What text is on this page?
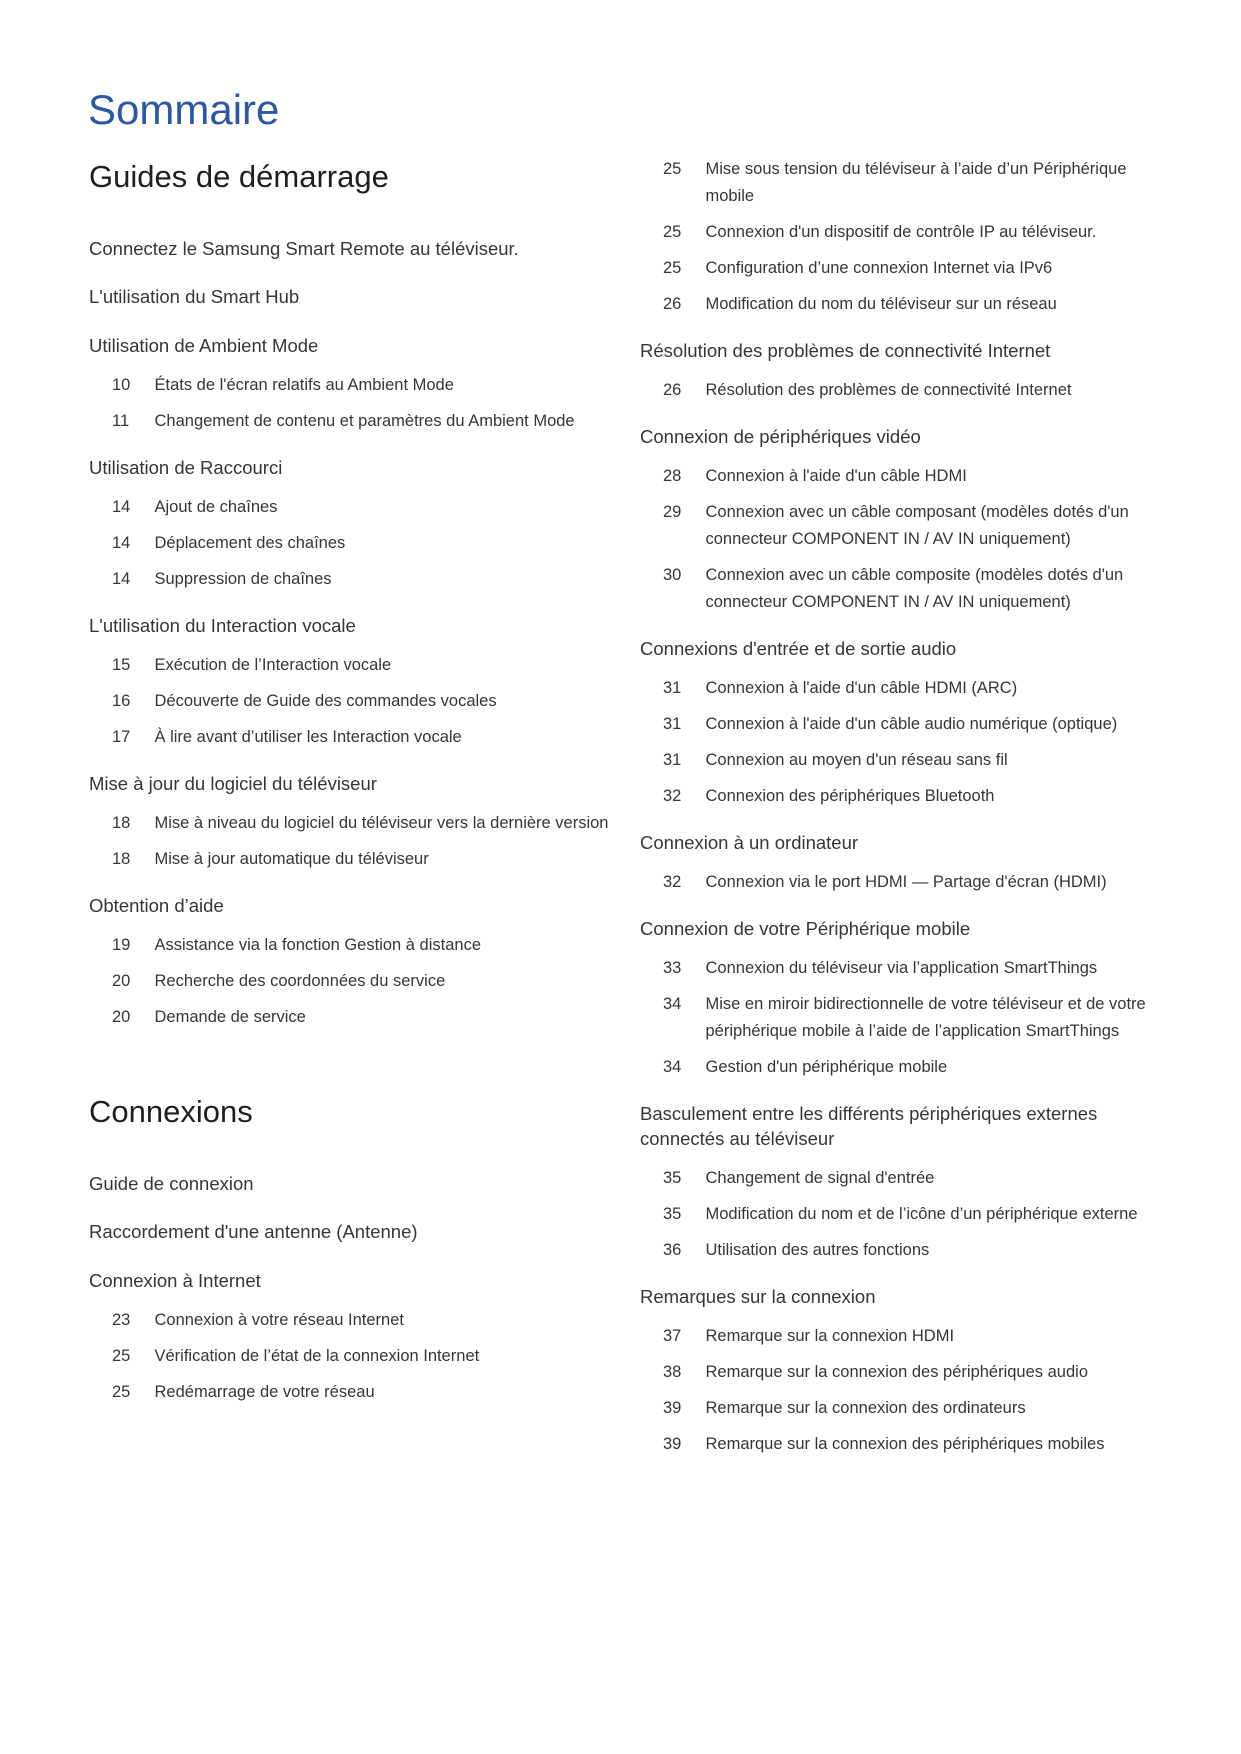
Sommaire
Guides de démarrage
Connectez le Samsung Smart Remote au téléviseur.
L'utilisation du Smart Hub
Utilisation de Ambient Mode
10 États de l'écran relatifs au Ambient Mode
11 Changement de contenu et paramètres du Ambient Mode
Utilisation de Raccourci
14 Ajout de chaînes
14 Déplacement des chaînes
14 Suppression de chaînes
L'utilisation du Interaction vocale
15 Exécution de l’Interaction vocale
16 Découverte de Guide des commandes vocales
17 À lire avant d’utiliser les Interaction vocale
Mise à jour du logiciel du téléviseur
18 Mise à niveau du logiciel du téléviseur vers la dernière version
18 Mise à jour automatique du téléviseur
Obtention d’aide
19 Assistance via la fonction Gestion à distance
20 Recherche des coordonnées du service
20 Demande de service
Connexions
Guide de connexion
Raccordement d'une antenne (Antenne)
Connexion à Internet
23 Connexion à votre réseau Internet
25 Vérification de l’état de la connexion Internet
25 Redémarrage de votre réseau
25 Mise sous tension du téléviseur à l’aide d’un Périphérique
mobile
25 Connexion d'un dispositif de contrôle IP au téléviseur.
25 Configuration d’une connexion Internet via IPv6
26 Modification du nom du téléviseur sur un réseau
Résolution des problèmes de connectivité Internet
26 Résolution des problèmes de connectivité Internet
Connexion de périphériques vidéo
28 Connexion à l'aide d'un câble HDMI
29 Connexion avec un câble composant (modèles dotés d'un
connecteur COMPONENT IN / AV IN uniquement)
30 Connexion avec un câble composite (modèles dotés d'un
connecteur COMPONENT IN / AV IN uniquement)
Connexions d'entrée et de sortie audio
31 Connexion à l'aide d'un câble HDMI (ARC)
31 Connexion à l'aide d'un câble audio numérique (optique)
31 Connexion au moyen d'un réseau sans fil
32 Connexion des périphériques Bluetooth
Connexion à un ordinateur
32 Connexion via le port HDMI — Partage d'écran (HDMI)
Connexion de votre Périphérique mobile
33 Connexion du téléviseur via l’application SmartThings
34 Mise en miroir bidirectionnelle de votre téléviseur et de votre
périphérique mobile à l’aide de l’application SmartThings
34 Gestion d'un périphérique mobile
Basculement entre les différents périphériques externes
connectés au téléviseur
35 Changement de signal d'entrée
35 Modification du nom et de l’icône d’un périphérique externe
36 Utilisation des autres fonctions
Remarques sur la connexion
37 Remarque sur la connexion HDMI
38 Remarque sur la connexion des périphériques audio
39 Remarque sur la connexion des ordinateurs
39 Remarque sur la connexion des périphériques mobiles
